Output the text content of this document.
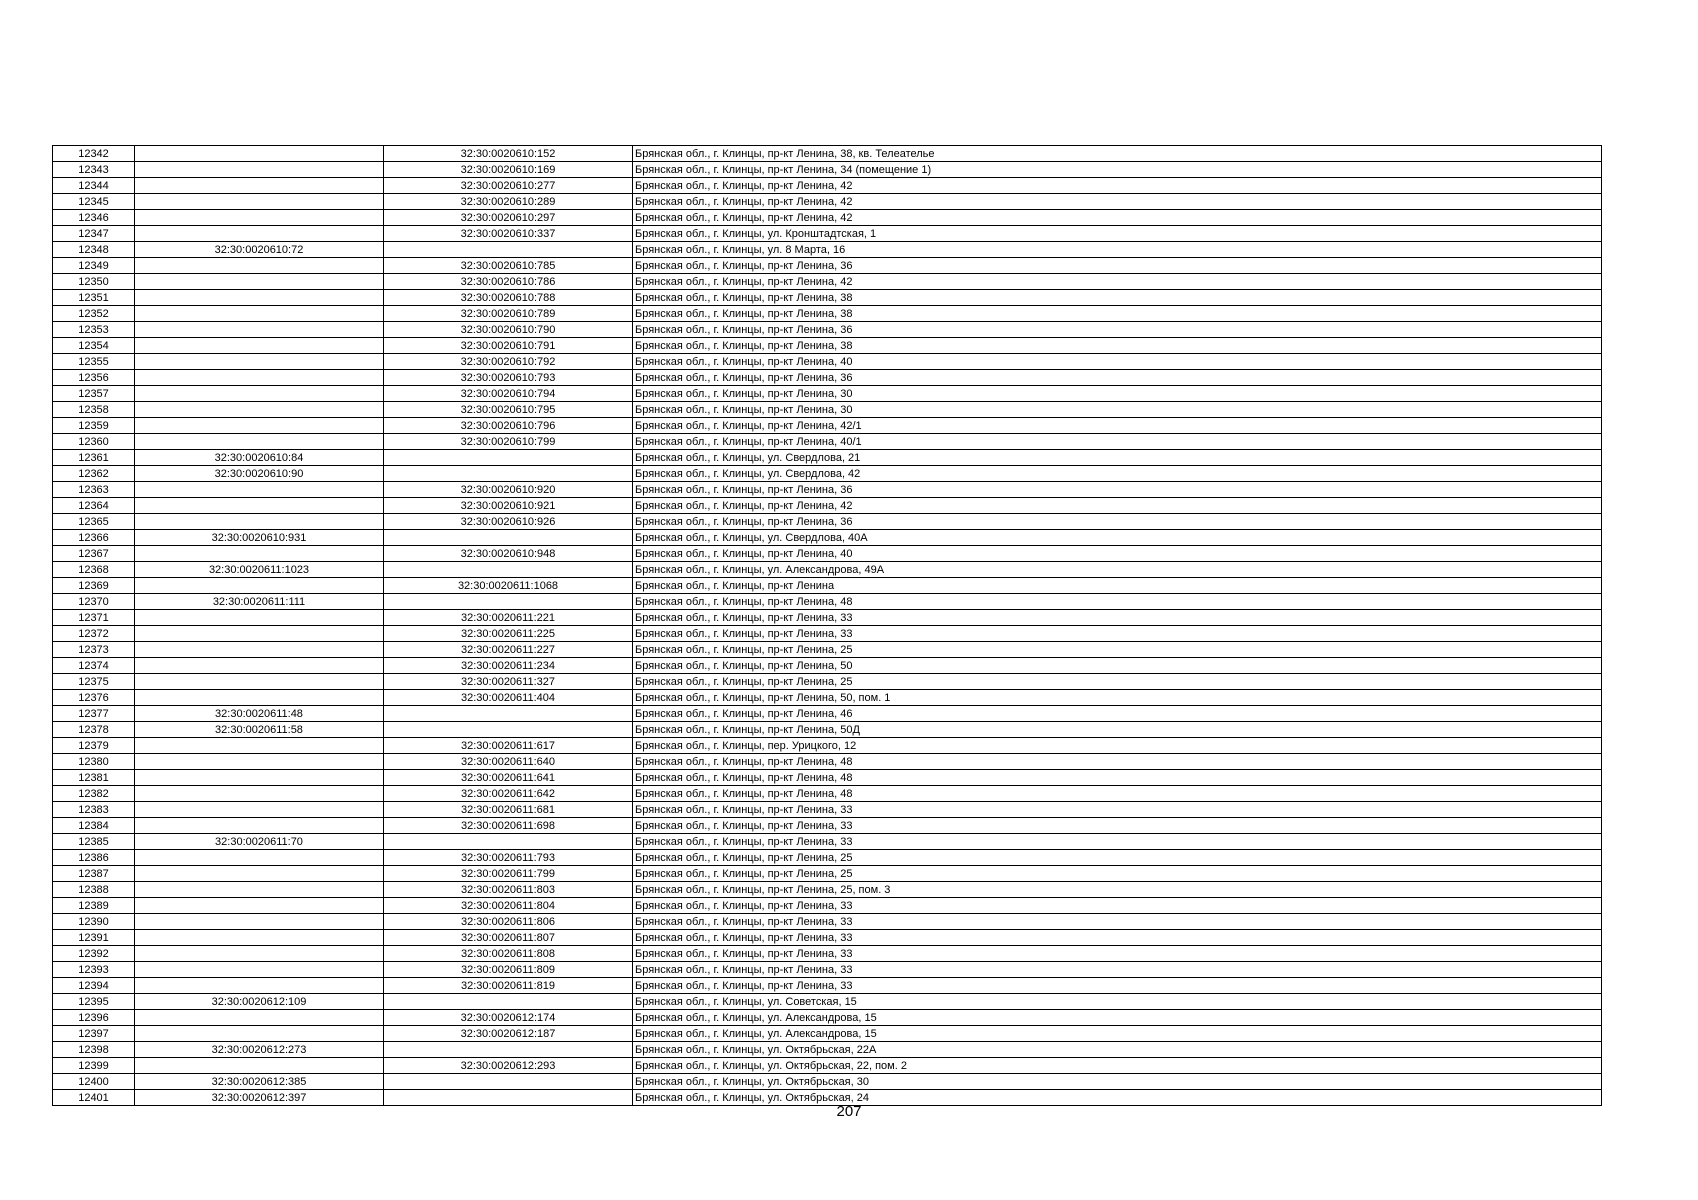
12342		32:30:0020610:152	Брянская обл., г. Клинцы, пр-кт Ленина, 38, кв. Телеателье
12343		32:30:0020610:169	Брянская обл., г. Клинцы, пр-кт Ленина, 34 (помещение 1)
12344		32:30:0020610:277	Брянская обл., г. Клинцы, пр-кт Ленина, 42
12345		32:30:0020610:289	Брянская обл., г. Клинцы, пр-кт Ленина, 42
12346		32:30:0020610:297	Брянская обл., г. Клинцы, пр-кт Ленина, 42
12347		32:30:0020610:337	Брянская обл., г. Клинцы, ул. Кронштадтская, 1
12348	32:30:0020610:72		Брянская обл., г. Клинцы, ул. 8 Марта, 16
12349		32:30:0020610:785	Брянская обл., г. Клинцы, пр-кт Ленина, 36
12350		32:30:0020610:786	Брянская обл., г. Клинцы, пр-кт Ленина, 42
12351		32:30:0020610:788	Брянская обл., г. Клинцы, пр-кт Ленина, 38
12352		32:30:0020610:789	Брянская обл., г. Клинцы, пр-кт Ленина, 38
12353		32:30:0020610:790	Брянская обл., г. Клинцы, пр-кт Ленина, 36
12354		32:30:0020610:791	Брянская обл., г. Клинцы, пр-кт Ленина, 38
12355		32:30:0020610:792	Брянская обл., г. Клинцы, пр-кт Ленина, 40
12356		32:30:0020610:793	Брянская обл., г. Клинцы, пр-кт Ленина, 36
12357		32:30:0020610:794	Брянская обл., г. Клинцы, пр-кт Ленина, 30
12358		32:30:0020610:795	Брянская обл., г. Клинцы, пр-кт Ленина, 30
12359		32:30:0020610:796	Брянская обл., г. Клинцы, пр-кт Ленина, 42/1
12360		32:30:0020610:799	Брянская обл., г. Клинцы, пр-кт Ленина, 40/1
12361	32:30:0020610:84		Брянская обл., г. Клинцы, ул. Свердлова, 21
12362	32:30:0020610:90		Брянская обл., г. Клинцы, ул. Свердлова, 42
12363		32:30:0020610:920	Брянская обл., г. Клинцы, пр-кт Ленина, 36
12364		32:30:0020610:921	Брянская обл., г. Клинцы, пр-кт Ленина, 42
12365		32:30:0020610:926	Брянская обл., г. Клинцы, пр-кт Ленина, 36
12366	32:30:0020610:931		Брянская обл., г. Клинцы, ул. Свердлова, 40А
12367		32:30:0020610:948	Брянская обл., г. Клинцы, пр-кт Ленина, 40
12368	32:30:0020611:1023		Брянская обл., г. Клинцы, ул. Александрова, 49А
12369		32:30:0020611:1068	Брянская обл., г. Клинцы, пр-кт Ленина
12370	32:30:0020611:111		Брянская обл., г. Клинцы, пр-кт Ленина, 48
12371		32:30:0020611:221	Брянская обл., г. Клинцы, пр-кт Ленина, 33
12372		32:30:0020611:225	Брянская обл., г. Клинцы, пр-кт Ленина, 33
12373		32:30:0020611:227	Брянская обл., г. Клинцы, пр-кт Ленина, 25
12374		32:30:0020611:234	Брянская обл., г. Клинцы, пр-кт Ленина, 50
12375		32:30:0020611:327	Брянская обл., г. Клинцы, пр-кт Ленина, 25
12376		32:30:0020611:404	Брянская обл., г. Клинцы, пр-кт Ленина, 50, пом. 1
12377	32:30:0020611:48		Брянская обл., г. Клинцы, пр-кт Ленина, 46
12378	32:30:0020611:58		Брянская обл., г. Клинцы, пр-кт Ленина, 50Д
12379		32:30:0020611:617	Брянская обл., г. Клинцы, пер. Урицкого, 12
12380		32:30:0020611:640	Брянская обл., г. Клинцы, пр-кт Ленина, 48
12381		32:30:0020611:641	Брянская обл., г. Клинцы, пр-кт Ленина, 48
12382		32:30:0020611:642	Брянская обл., г. Клинцы, пр-кт Ленина, 48
12383		32:30:0020611:681	Брянская обл., г. Клинцы, пр-кт Ленина, 33
12384		32:30:0020611:698	Брянская обл., г. Клинцы, пр-кт Ленина, 33
12385	32:30:0020611:70		Брянская обл., г. Клинцы, пр-кт Ленина, 33
12386		32:30:0020611:793	Брянская обл., г. Клинцы, пр-кт Ленина, 25
12387		32:30:0020611:799	Брянская обл., г. Клинцы, пр-кт Ленина, 25
12388		32:30:0020611:803	Брянская обл., г. Клинцы, пр-кт Ленина, 25, пом. 3
12389		32:30:0020611:804	Брянская обл., г. Клинцы, пр-кт Ленина, 33
12390		32:30:0020611:806	Брянская обл., г. Клинцы, пр-кт Ленина, 33
12391		32:30:0020611:807	Брянская обл., г. Клинцы, пр-кт Ленина, 33
12392		32:30:0020611:808	Брянская обл., г. Клинцы, пр-кт Ленина, 33
12393		32:30:0020611:809	Брянская обл., г. Клинцы, пр-кт Ленина, 33
12394		32:30:0020611:819	Брянская обл., г. Клинцы, пр-кт Ленина, 33
12395	32:30:0020612:109		Брянская обл., г. Клинцы, ул. Советская, 15
12396		32:30:0020612:174	Брянская обл., г. Клинцы, ул. Александрова, 15
12397		32:30:0020612:187	Брянская обл., г. Клинцы, ул. Александрова, 15
12398	32:30:0020612:273		Брянская обл., г. Клинцы, ул. Октябрьская, 22А
12399		32:30:0020612:293	Брянская обл., г. Клинцы, ул. Октябрьская, 22, пом. 2
12400	32:30:0020612:385		Брянская обл., г. Клинцы, ул. Октябрьская, 30
12401	32:30:0020612:397		Брянская обл., г. Клинцы, ул. Октябрьская, 24
207
